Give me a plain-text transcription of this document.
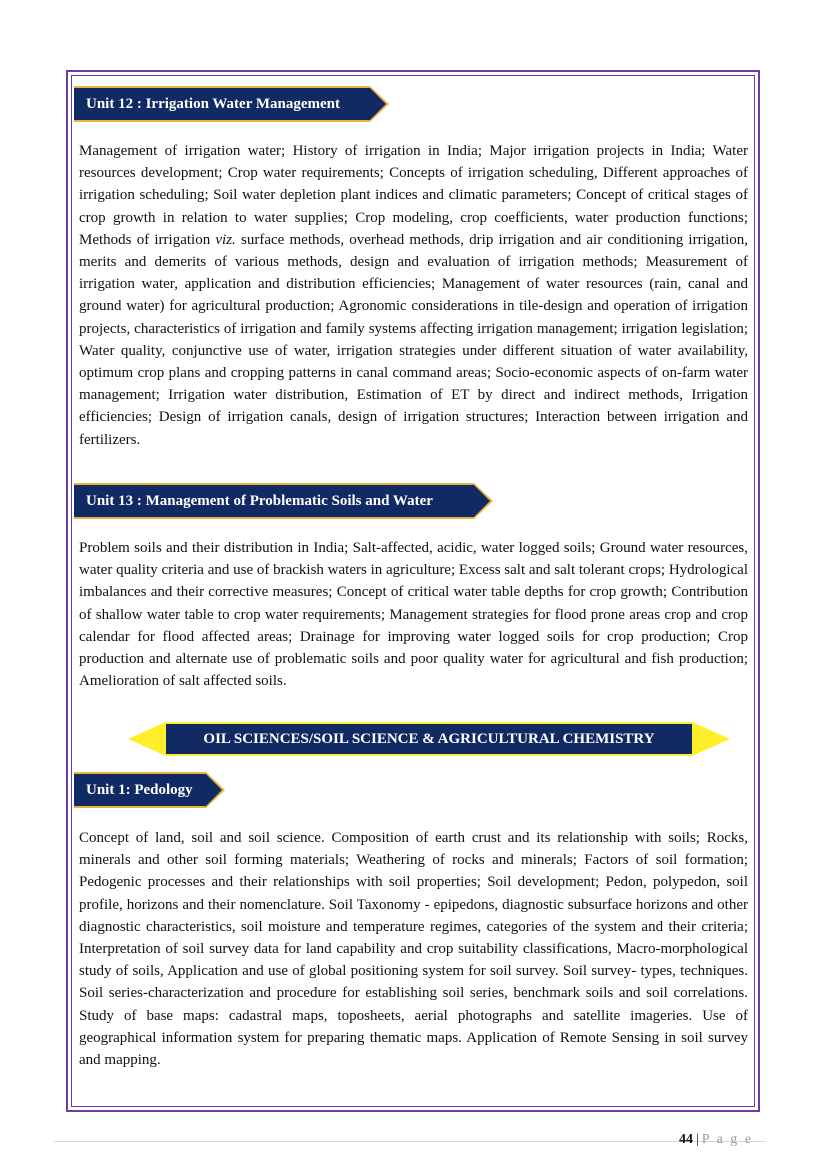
Unit 12 : Irrigation Water Management

Management of irrigation water; History of irrigation in India; Major irrigation projects in India; Water resources development; Crop water requirements; Concepts of irrigation scheduling, Different approaches of irrigation scheduling; Soil water depletion plant indices and climatic parameters; Concept of critical stages of crop growth in relation to water supplies; Crop modeling, crop coefficients, water production functions; Methods of irrigation viz. surface methods, overhead methods, drip irrigation and air conditioning irrigation, merits and demerits of various methods, design and evaluation of irrigation methods; Measurement of irrigation water, application and distribution efficiencies; Management of water resources (rain, canal and ground water) for agricultural production; Agronomic considerations in tile-design and operation of irrigation projects, characteristics of irrigation and family systems affecting irrigation management; irrigation legislation; Water quality, conjunctive use of water, irrigation strategies under different situation of water availability, optimum crop plans and cropping patterns in canal command areas; Socio-economic aspects of on-farm water management; Irrigation water distribution, Estimation of ET by direct and indirect methods, Irrigation efficiencies; Design of irrigation canals, design of irrigation structures; Interaction between irrigation and fertilizers.

Unit 13 : Management of Problematic Soils and Water

Problem soils and their distribution in India; Salt-affected, acidic, water logged soils; Ground water resources, water quality criteria and use of brackish waters in agriculture; Excess salt and salt tolerant crops; Hydrological imbalances and their corrective measures; Concept of critical water table depths for crop growth; Contribution of shallow water table to crop water requirements; Management strategies for flood prone areas crop and crop calendar for flood affected areas; Drainage for improving water logged soils for crop production; Crop production and alternate use of problematic soils and poor quality water for agricultural and fish production; Amelioration of salt affected soils.

OIL SCIENCES/SOIL SCIENCE & AGRICULTURAL CHEMISTRY
Unit 1: Pedology

Concept of land, soil and soil science. Composition of earth crust and its relationship with soils; Rocks, minerals and other soil forming materials; Weathering of rocks and minerals; Factors of soil formation; Pedogenic processes and their relationships with soil properties; Soil development; Pedon, polypedon, soil profile, horizons and their nomenclature. Soil Taxonomy - epipedons, diagnostic subsurface horizons and other diagnostic characteristics, soil moisture and temperature regimes, categories of the system and their criteria; Interpretation of soil survey data for land capability and crop suitability classifications, Macro-morphological study of soils, Application and use of global positioning system for soil survey. Soil survey- types, techniques. Soil series-characterization and procedure for establishing soil series, benchmark soils and soil correlations. Study of base maps: cadastral maps, toposheets, aerial photographs and satellite imageries. Use of geographical information system for preparing thematic maps. Application of Remote Sensing in soil survey and mapping.

44 | P a g e
